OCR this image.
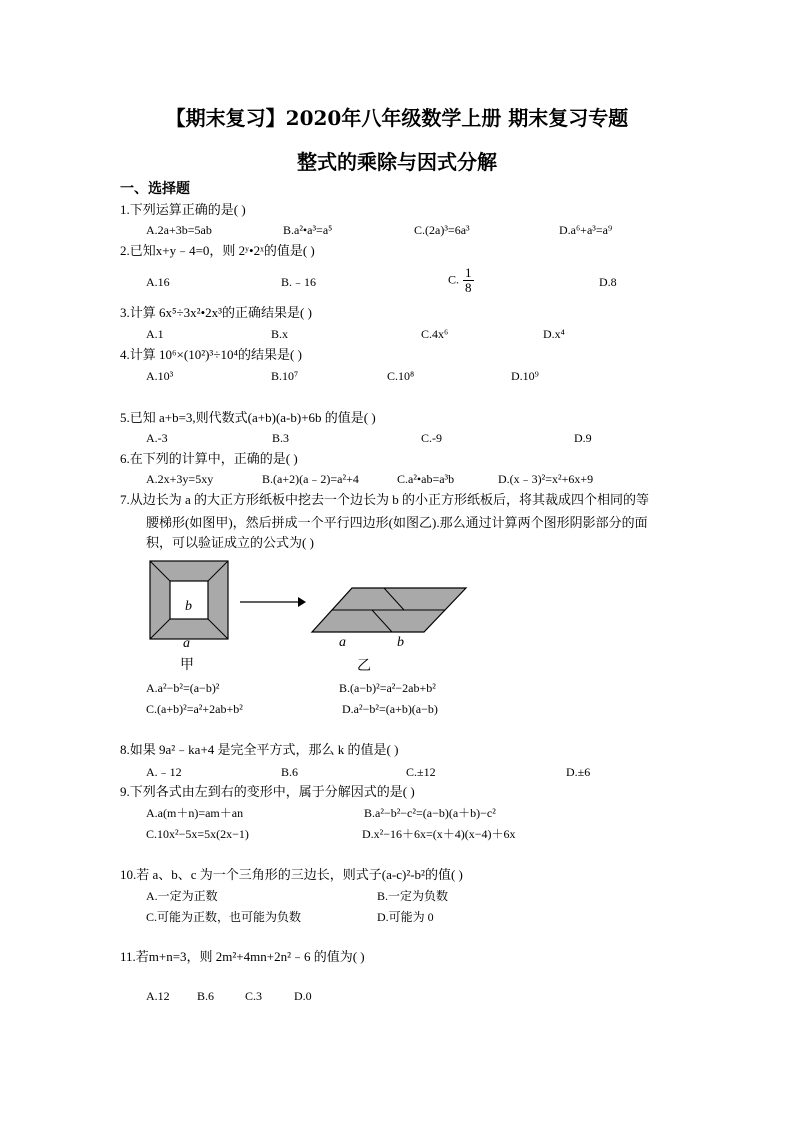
【期末复习】2020年八年级数学上册 期末复习专题
整式的乘除与因式分解
一、选择题
1.下列运算正确的是( )
A.2a+3b=5ab	B.a²•a³=a⁵	C.(2a)³=6a³	D.a⁶+a³=a⁹
2.已知x+y﹣4=0，则 2ʸ•2ˣ的值是( )
A.16	B.﹣16	C. $\frac{1}{8}$	D.8
3.计算 6x⁵÷3x²•2x³的正确结果是( )
A.1	B.x	C.4x⁶	D.x⁴
4.计算 10⁶×(10²)³÷10⁴的结果是( )
A.10³	B.10⁷	C.10⁸	D.10⁹
5.已知 a+b=3,则代数式(a+b)(a-b)+6b 的值是( )
A.-3	B.3	C.-9	D.9
6.在下列的计算中，正确的是( )
A.2x+3y=5xy	B.(a+2)(a﹣2)=a²+4	C.a²•ab=a³b	D.(x﹣3)²=x²+6x+9
7.从边长为 a 的大正方形纸板中挖去一个边长为 b 的小正方形纸板后，将其裁成四个相同的等
腰梯形(如图甲)，然后拼成一个平行四边形(如图乙).那么通过计算两个图形阴影部分的面
积，可以验证成立的公式为( )
b
a
甲
a	b
乙
A.a²−b²=(a−b)²	B.(a−b)²=a²−2ab+b²
C.(a+b)²=a²+2ab+b²	D.a²−b²=(a+b)(a−b)
8.如果 9a²﹣ka+4 是完全平方式，那么 k 的值是( )
A.﹣12	B.6	C.±12	D.±6
9.下列各式由左到右的变形中，属于分解因式的是( )
A.a(m＋n)=am＋an	B.a²−b²−c²=(a−b)(a＋b)−c²
C.10x²−5x=5x(2x−1)	D.x²−16＋6x=(x＋4)(x−4)＋6x
10.若 a、b、c 为一个三角形的三边长，则式子(a-c)²-b²的值( )
A.一定为正数	B.一定为负数
C.可能为正数，也可能为负数	D.可能为 0
11.若m+n=3，则 2m²+4mn+2n²﹣6 的值为( )
A.12 B.6	C.3	D.0
